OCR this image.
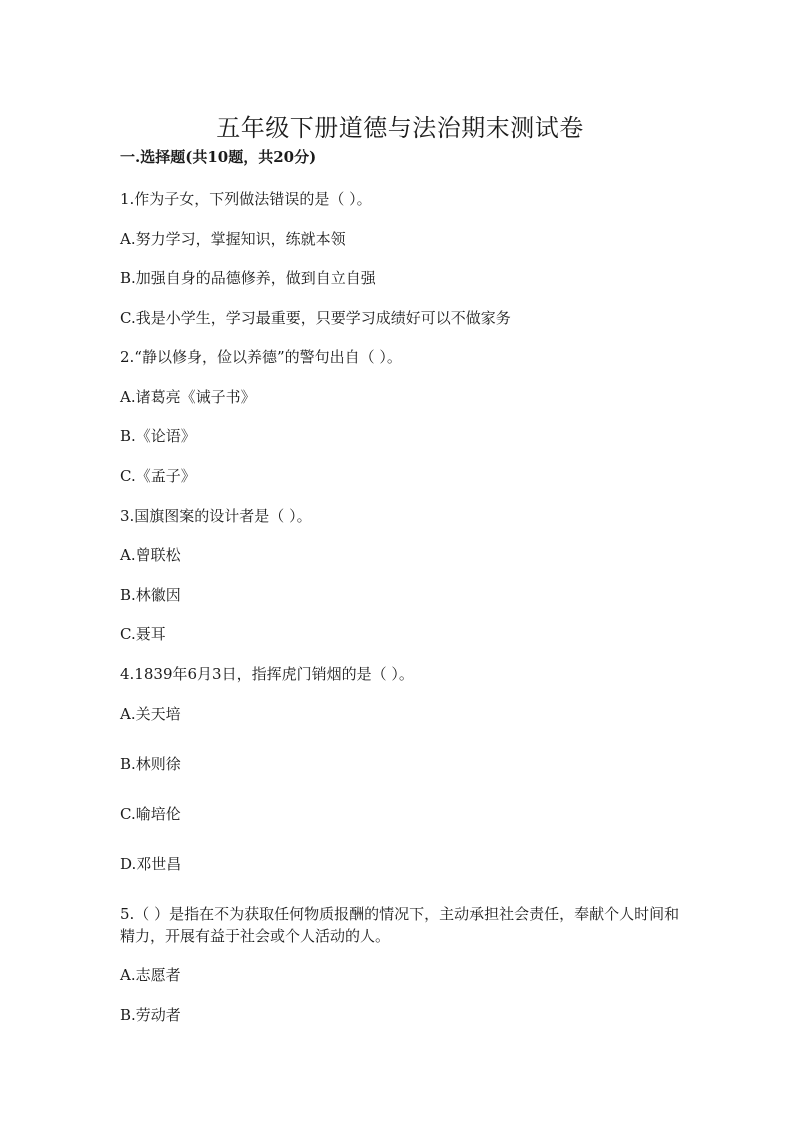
五年级下册道德与法治期末测试卷
一.选择题(共10题，共20分)
1.作为子女，下列做法错误的是（ ）。
A.努力学习，掌握知识，练就本领
B.加强自身的品德修养，做到自立自强
C.我是小学生，学习最重要，只要学习成绩好可以不做家务
2.“静以修身，俭以养德”的警句出自（ ）。
A.诸葛亮《诫子书》
B.《论语》
C.《孟子》
3.国旗图案的设计者是（ ）。
A.曾联松
B.林徽因
C.聂耳
4.1839年6月3日，指挥虎门销烟的是（ ）。
A.关天培
B.林则徐
C.喻培伦
D.邓世昌
5.（ ）是指在不为获取任何物质报酬的情况下，主动承担社会责任，奉献个人时间和精力，开展有益于社会或个人活动的人。
A.志愿者
B.劳动者
